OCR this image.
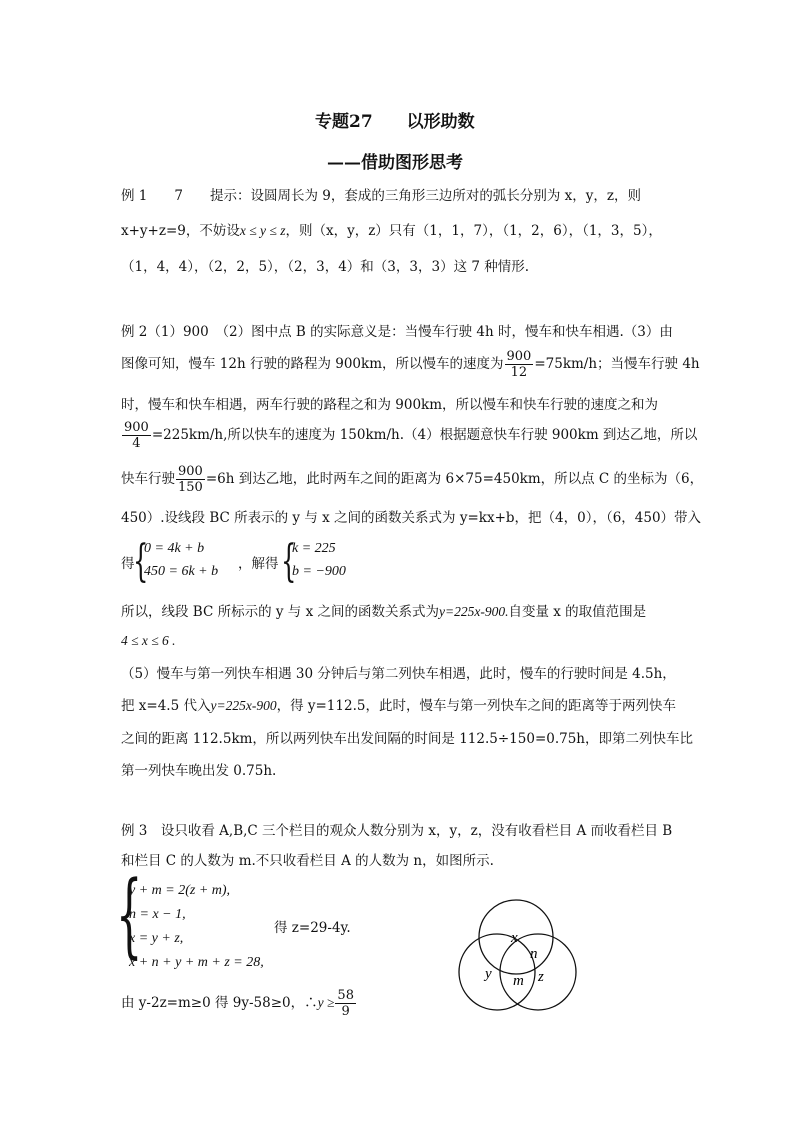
专题27　　以形助数
——借助图形思考
例 1　　7　　提示：设圆周长为 9，套成的三角形三边所对的弧长分别为 x，y，z，则
x+y+z=9，不妨设x ≤ y ≤ z，则（x，y，z）只有（1，1，7），（1，2，6），（1，3，5），
（1，4，4），（2，2，5），（2，3，4）和（3，3，3）这 7 种情形.
例 2（1）900　（2）图中点 B 的实际意义是：当慢车行驶 4h 时，慢车和快车相遇.（3）由
图像可知，慢车 12h 行驶的路程为 900km，所以慢车的速度为 $\frac{900}{12} =75km/h$；当慢车行驶 4h
时，慢车和快车相遇，两车行驶的路程之和为 900km，所以慢车和快车行驶的速度之和为
$\frac{900}{4} =225km/h$,所以快车的速度为 150km/h.（4）根据题意快车行驶 900km 到达乙地，所以
快车行驶 $\frac{900}{150} =6h$ 到达乙地，此时两车之间的距离为 6×75=450km，所以点 C 的坐标为（6，
450）.设线段 BC 所表示的 y 与 x 之间的函数关系式为 y=kx+b，把（4，0），（6，450）带入
得
{
0 = 4k + b
450 = 6k + b ，解得 {
k = 225
b = −900
所以，线段 BC 所标示的 y 与 x 之间的函数关系式为y=225x-900.自变量 x 的取值范围是
4 ≤ x ≤ 6 .
（5）慢车与第一列快车相遇 30 分钟后与第二列快车相遇，此时，慢车的行驶时间是 4.5h，
把 x=4.5 代入y=225x-900，得 y=112.5，此时，慢车与第一列快车之间的距离等于两列快车
之间的距离 112.5km，所以两列快车出发间隔的时间是 112.5÷150=0.75h，即第二列快车比
第一列快车晚出发 0.75h.
例 3　设只收看 A,B,C 三个栏目的观众人数分别为 x，y，z，没有收看栏目 A 而收看栏目 B
和栏目 C 的人数为 m.不只收看栏目 A 的人数为 n，如图所示.
{
y + m = 2(z + m),
n = x − 1,
x = y + z,
x + n + y + m + z = 28,
得 z=29-4y.
由 y-2z=m≥0 得 9y-58≥0，∴y ≥ $\frac{58}{9}$
x
n
y m z
